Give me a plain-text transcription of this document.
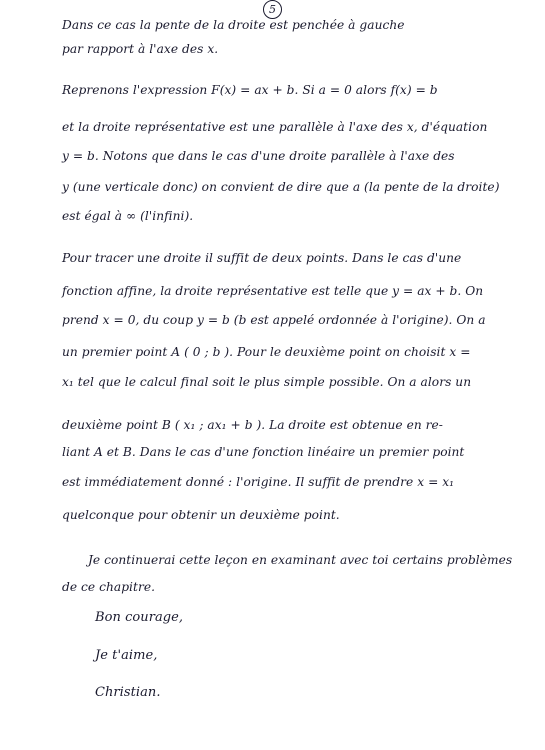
5
Dans ce cas la pente de la droite est penchée à gauche
par rapport à l'axe des x.
Reprenons l'expression F(x) = ax + b. Si a = 0 alors f(x) = b
et la droite représentative est une parallèle à l'axe des x, d'équation
y = b. Notons que dans le cas d'une droite parallèle à l'axe des
y (une verticale donc) on convient de dire que a (la pente de la droite)
est égal à ∞ (l'infini).
Pour tracer une droite il suffit de deux points. Dans le cas d'une
fonction affine, la droite représentative est telle que y = ax + b. On
prend x = 0, du coup y = b (b est appelé ordonnée à l'origine). On a
un premier point A ( 0 ; b ). Pour le deuxième point on choisit x =
x₁ tel que le calcul final soit le plus simple possible. On a alors un
deuxième point B ( x₁ ; ax₁ + b ). La droite est obtenue en re-
liant A et B. Dans le cas d'une fonction linéaire un premier point
est immédiatement donné : l'origine. Il suffit de prendre x = x₁
quelconque pour obtenir un deuxième point.
Je continuerai cette leçon en examinant avec toi certains problèmes
de ce chapitre.
Bon courage,
Je t'aime,
Christian.
